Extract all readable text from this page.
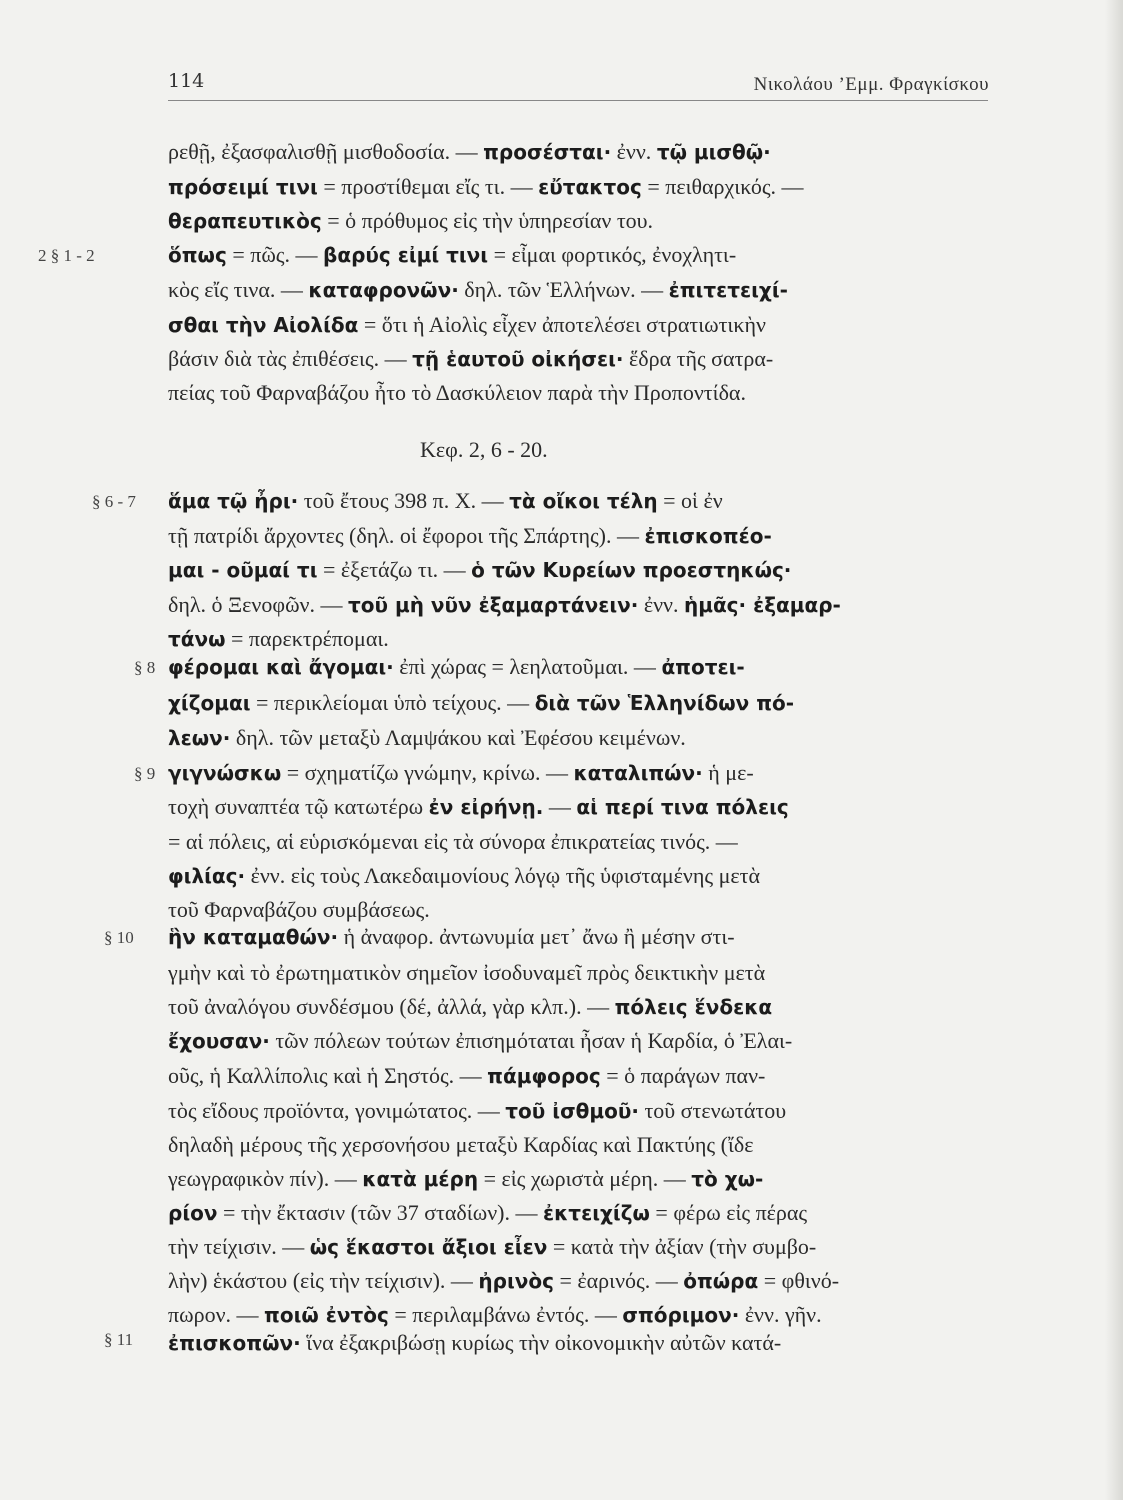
114	Νικολάου ’Εμμ. Φραγκίσκου
2 § 1 - 2
§ 6 - 7
§ 8
§ 9
§ 10
§ 11
Κεφ. 2, 6 - 20.
ρεθῇ, ἐξασφαλισθῇ μισθοδοσία. — προσέσται· ἐνν. τῷ μισθῷ·
πρόσειμί τινι = προστίθεμαι εἴς τι. — εὔτακτος = πειθαρχικός. —
θεραπευτικὸς = ὁ πρόθυμος εἰς τὴν ὑπηρεσίαν του.
ὅπως = πῶς. — βαρύς εἰμί τινι = εἶμαι φορτικός, ἐνοχλητι-
κὸς εἴς τινα. — καταφρονῶν· δηλ. τῶν Ἑλλήνων. — ἐπιτετειχί-
σθαι τὴν Αἰολίδα = ὅτι ἡ Αἰολὶς εἶχεν ἀποτελέσει στρατιωτικὴν
βάσιν διὰ τὰς ἐπιθέσεις. — τῇ ἑαυτοῦ οἰκήσει· ἕδρα τῆς σατρα-
πείας τοῦ Φαρναβάζου ἦτο τὸ Δασκύλειον παρὰ τὴν Προποντίδα.
ἅμα τῷ ἦρι· τοῦ ἔτους 398 π. Χ. — τὰ οἴκοι τέλη = οἱ ἐν
τῇ πατρίδι ἄρχοντες (δηλ. οἱ ἔφοροι τῆς Σπάρτης). — ἐπισκοπέο-
μαι - οῦμαί τι = ἐξετάζω τι. — ὁ τῶν Κυρείων προεστηκώς·
δηλ. ὁ Ξενοφῶν. — τοῦ μὴ νῦν ἐξαμαρτάνειν· ἐνν. ἡμᾶς· ἐξαμαρ-
τάνω = παρεκτρέπομαι.
φέρομαι καὶ ἄγομαι· ἐπὶ χώρας = λεηλατοῦμαι. — ἀποτει-
χίζομαι = περικλείομαι ὑπὸ τείχους. — διὰ τῶν Ἑλληνίδων πό-
λεων· δηλ. τῶν μεταξὺ Λαμψάκου καὶ Ἐφέσου κειμένων.
γιγνώσκω = σχηματίζω γνώμην, κρίνω. — καταλιπών· ἡ με-
τοχὴ συναπτέα τῷ κατωτέρω ἐν εἰρήνῃ. — αἱ περί τινα πόλεις
= αἱ πόλεις, αἱ εὑρισκόμεναι εἰς τὰ σύνορα ἐπικρατείας τινός. —
φιλίας· ἐνν. εἰς τοὺς Λακεδαιμονίους λόγῳ τῆς ὑφισταμένης μετὰ
τοῦ Φαρναβάζου συμβάσεως.
ἣν καταμαθών· ἡ ἀναφορ. ἀντωνυμία μετ᾽ ἄνω ἢ μέσην στι-
γμὴν καὶ τὸ ἐρωτηματικὸν σημεῖον ἰσοδυναμεῖ πρὸς δεικτικὴν μετὰ
τοῦ ἀναλόγου συνδέσμου (δέ, ἀλλά, γὰρ κλπ.). — πόλεις ἕνδεκα
ἔχουσαν· τῶν πόλεων τούτων ἐπισημόταται ἦσαν ἡ Καρδία, ὁ Ἐλαι-
οῦς, ἡ Καλλίπολις καὶ ἡ Σηστός. — πάμφορος = ὁ παράγων παν-
τὸς εἴδους προϊόντα, γονιμώτατος. — τοῦ ἰσθμοῦ· τοῦ στενωτάτου
δηλαδὴ μέρους τῆς χερσονήσου μεταξὺ Καρδίας καὶ Πακτύης (ἴδε
γεωγραφικὸν πίν). — κατὰ μέρη = εἰς χωριστὰ μέρη. — τὸ χω-
ρίον = τὴν ἔκτασιν (τῶν 37 σταδίων). — ἐκτειχίζω = φέρω εἰς πέρας
τὴν τείχισιν. — ὡς ἕκαστοι ἄξιοι εἶεν = κατὰ τὴν ἀξίαν (τὴν συμβο-
λὴν) ἑκάστου (εἰς τὴν τείχισιν). — ἠρινὸς = ἐαρινός. — ὀπώρα = φθινό-
πωρον. — ποιῶ ἐντὸς = περιλαμβάνω ἐντός. — σπόριμον· ἐνν. γῆν.
ἐπισκοπῶν· ἵνα ἐξακριβώσῃ κυρίως τὴν οἰκονομικὴν αὐτῶν κατά-
